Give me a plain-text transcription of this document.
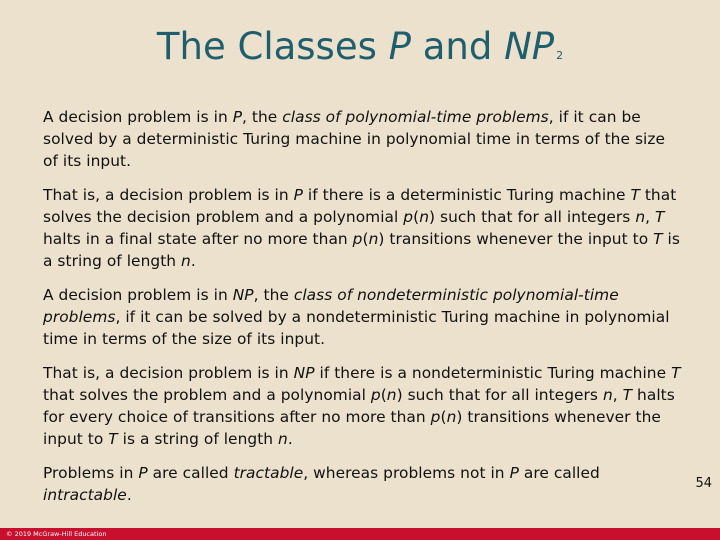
The Classes P and NP 2

A decision problem is in P, the class of polynomial-time problems, if it can be solved by a deterministic Turing machine in polynomial time in terms of the size of its input.

That is, a decision problem is in P if there is a deterministic Turing machine T that solves the decision problem and a polynomial p(n) such that for all integers n, T halts in a final state after no more than p(n) transitions whenever the input to T is a string of length n.

A decision problem is in NP, the class of nondeterministic polynomial-time problems, if it can be solved by a nondeterministic Turing machine in polynomial time in terms of the size of its input.

That is, a decision problem is in NP if there is a nondeterministic Turing machine T that solves the problem and a polynomial p(n) such that for all integers n, T halts for every choice of transitions after no more than p(n) transitions whenever the input to T is a string of length n.

Problems in P are called tractable, whereas problems not in P are called intractable.

54
© 2019 McGraw-Hill Education
